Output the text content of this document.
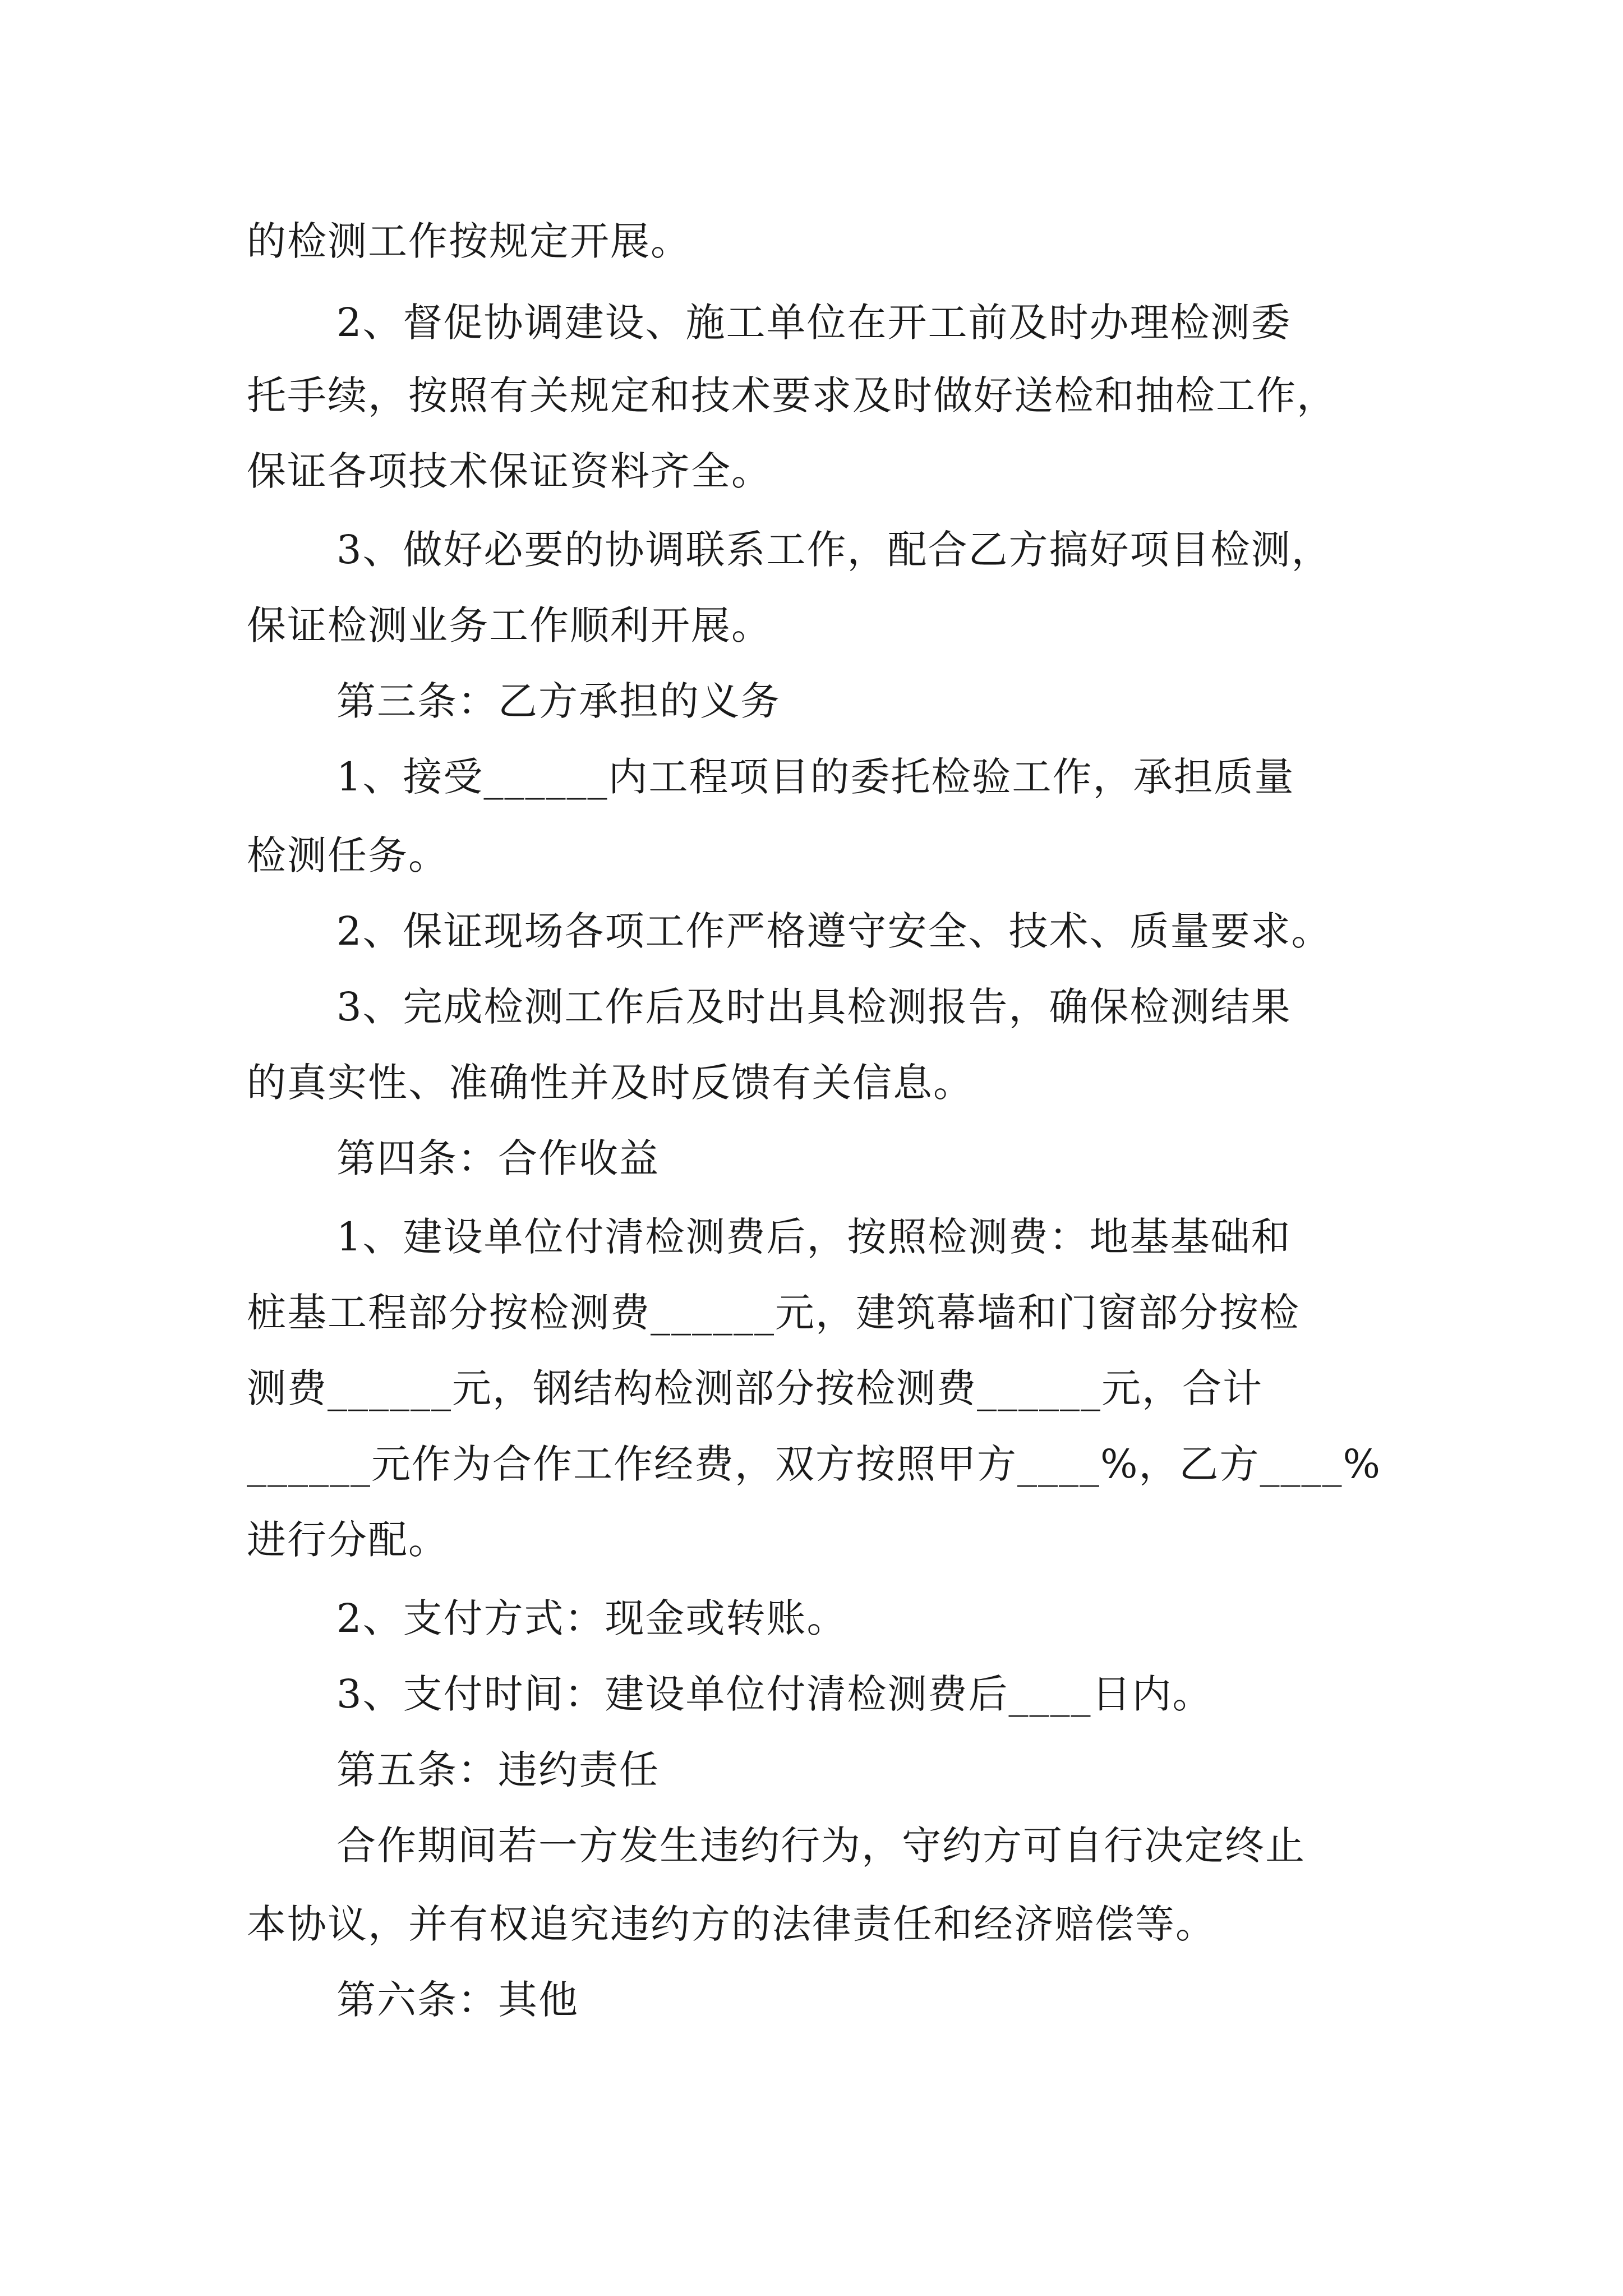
的检测工作按规定开展。
2、督促协调建设、施工单位在开工前及时办理检测委
托手续，按照有关规定和技术要求及时做好送检和抽检工作，
保证各项技术保证资料齐全。
3、做好必要的协调联系工作，配合乙方搞好项目检测，
保证检测业务工作顺利开展。
第三条：乙方承担的义务
1、接受______内工程项目的委托检验工作，承担质量
检测任务。
2、保证现场各项工作严格遵守安全、技术、质量要求。
3、完成检测工作后及时出具检测报告，确保检测结果
的真实性、准确性并及时反馈有关信息。
第四条：合作收益
1、建设单位付清检测费后，按照检测费：地基基础和
桩基工程部分按检测费______元，建筑幕墙和门窗部分按检
测费______元，钢结构检测部分按检测费______元，合计
______元作为合作工作经费，双方按照甲方____%，乙方____%
进行分配。
2、支付方式：现金或转账。
3、支付时间：建设单位付清检测费后____日内。
第五条：违约责任
合作期间若一方发生违约行为，守约方可自行决定终止
本协议，并有权追究违约方的法律责任和经济赔偿等。
第六条：其他
